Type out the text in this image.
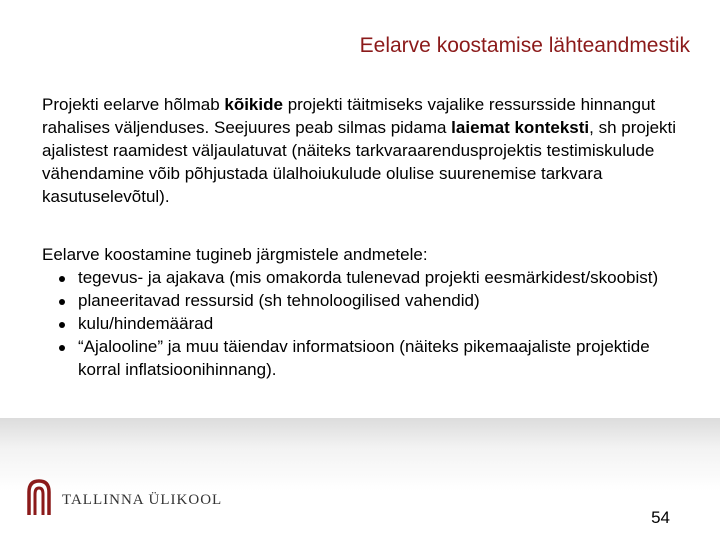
Eelarve koostamise lähteandmestik

Projekti eelarve hõlmab kõikide projekti täitmiseks vajalike ressursside hinnangut rahalises väljenduses. Seejuures peab silmas pidama laiemat konteksti, sh projekti ajalistest raamidest väljaulatuvat (näiteks tarkvaraarendusprojektis testimiskulude vähendamine võib põhjustada ülalhoiukulude olulise suurenemise tarkvara kasutuselevõtul).

Eelarve koostamine tugineb järgmistele andmetele:
tegevus- ja ajakava (mis omakorda tulenevad projekti eesmärkidest/skoobist)
planeeritavad ressursid (sh tehnoloogilised vahendid)
kulu/hindemäärad
“Ajalooline” ja muu täiendav informatsioon (näiteks pikemaajaliste projektide korral inflatsioonihinnang).
TALLINNA ÜLIKOOL
54
